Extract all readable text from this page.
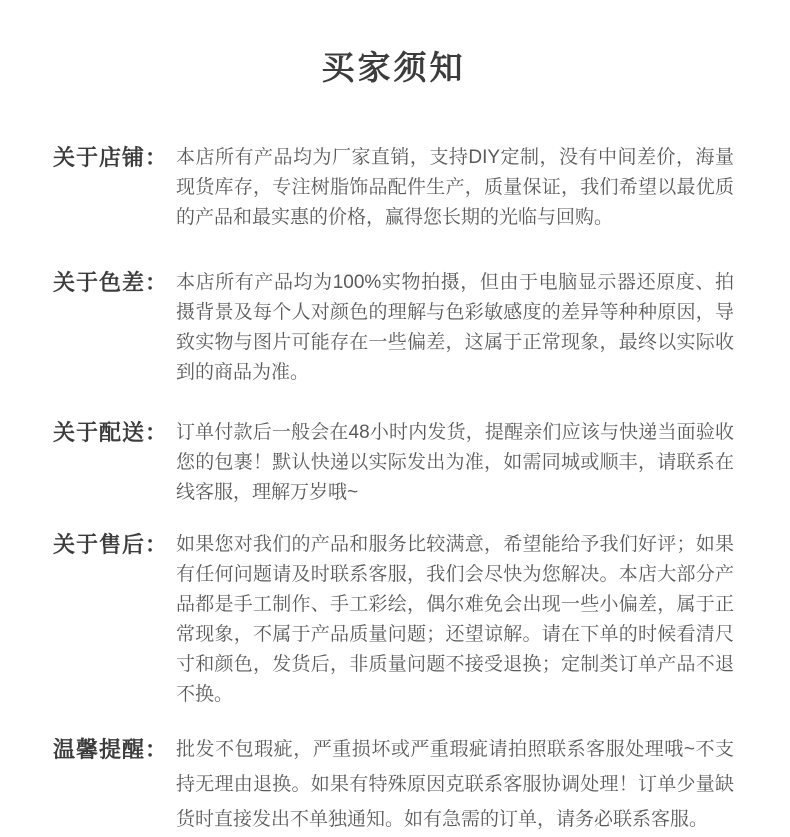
买家须知
关于店铺： 本店所有产品均为厂家直销，支持DIY定制，没有中间差价，海量现货库存，专注树脂饰品配件生产，质量保证，我们希望以最优质的产品和最实惠的价格，赢得您长期的光临与回购。
关于色差： 本店所有产品均为100%实物拍摄，但由于电脑显示器还原度、拍摄背景及每个人对颜色的理解与色彩敏感度的差异等种种原因，导致实物与图片可能存在一些偏差，这属于正常现象，最终以实际收到的商品为准。
关于配送： 订单付款后一般会在48小时内发货，提醒亲们应该与快递当面验收您的包裹！默认快递以实际发出为准，如需同城或顺丰，请联系在线客服，理解万岁哦~
关于售后： 如果您对我们的产品和服务比较满意，希望能给予我们好评；如果有任何问题请及时联系客服，我们会尽快为您解决。本店大部分产品都是手工制作、手工彩绘，偶尔难免会出现一些小偏差，属于正常现象，不属于产品质量问题；还望谅解。请在下单的时候看清尺寸和颜色，发货后，非质量问题不接受退换；定制类订单产品不退不换。
温馨提醒： 批发不包瑕疵，严重损坏或严重瑕疵请拍照联系客服处理哦~不支持无理由退换。如果有特殊原因克联系客服协调处理！订单少量缺货时直接发出不单独通知。如有急需的订单，请务必联系客服。
